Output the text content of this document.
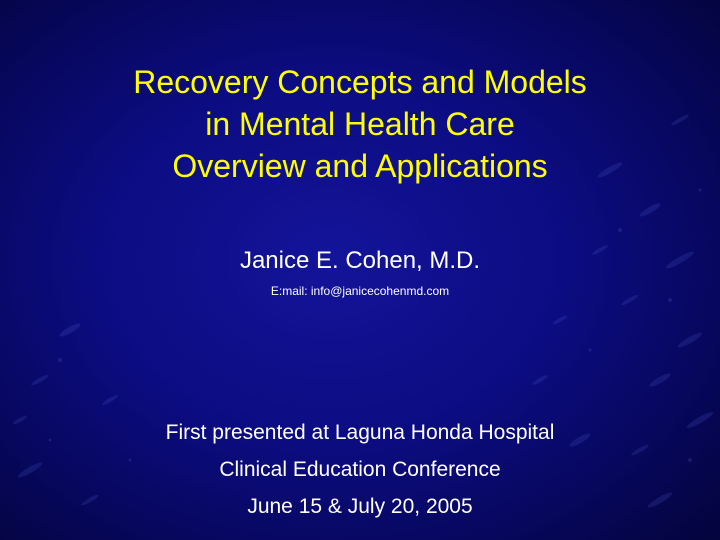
Recovery Concepts and Models
in Mental Health Care
Overview and Applications

Janice E. Cohen, M.D.

E:mail: info@janicecohenmd.com

First presented at Laguna Honda Hospital
Clinical Education Conference
June 15 & July 20, 2005
